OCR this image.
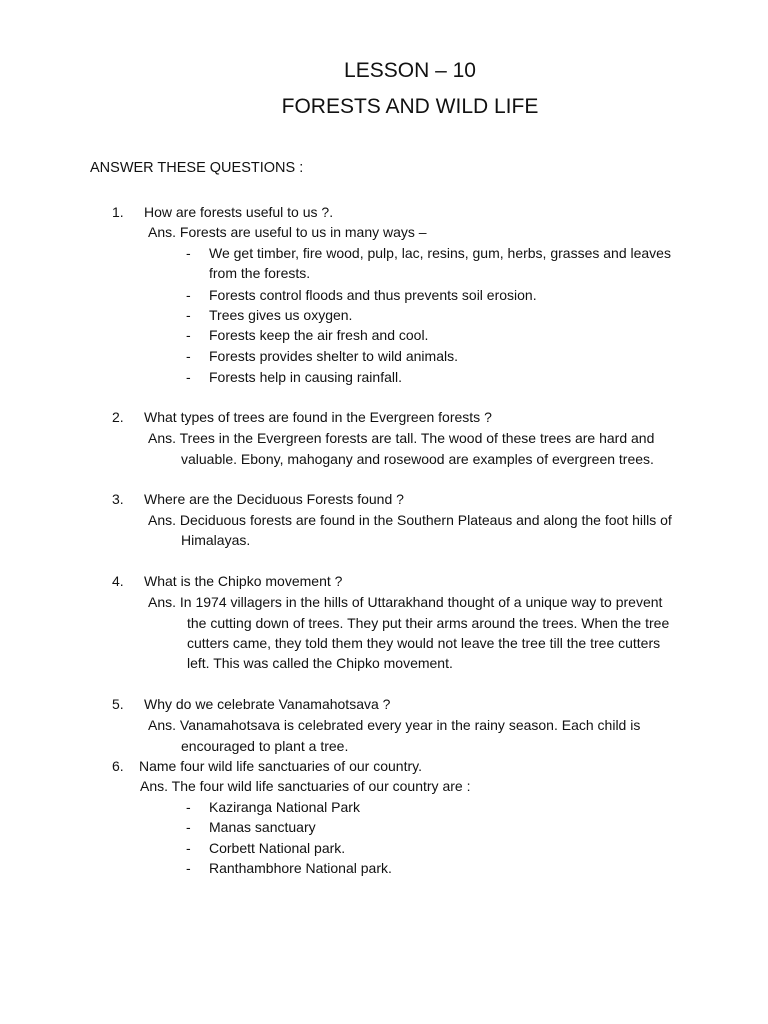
LESSON – 10
FORESTS AND WILD LIFE
ANSWER THESE QUESTIONS :
1. How are forests useful to us ?.
Ans. Forests are useful to us in many ways –
- We get timber, fire wood, pulp, lac, resins, gum, herbs, grasses and leaves
from the forests.
- Forests control floods and thus prevents soil erosion.
- Trees gives us oxygen.
- Forests keep the air fresh and cool.
- Forests provides shelter to wild animals.
- Forests help in causing rainfall.
2. What types of trees are found in the Evergreen forests ?
Ans. Trees in the Evergreen forests are tall. The wood of these trees are hard and
valuable. Ebony, mahogany and rosewood are examples of evergreen trees.
3. Where are the Deciduous Forests found ?
Ans. Deciduous forests are found in the Southern Plateaus and along the foot hills of
Himalayas.
4. What is the Chipko movement ?
Ans. In 1974 villagers in the hills of Uttarakhand thought of a unique way to prevent
the cutting down of trees. They put their arms around the trees. When the tree
cutters came, they told them they would not leave the tree till the tree cutters
left. This was called the Chipko movement.
5. Why do we celebrate Vanamahotsava ?
Ans. Vanamahotsava is celebrated every year in the rainy season. Each child is
encouraged to plant a tree.
6. Name four wild life sanctuaries of our country.
Ans. The four wild life sanctuaries of our country are :
- Kaziranga National Park
- Manas sanctuary
- Corbett National park.
- Ranthambhore National park.
